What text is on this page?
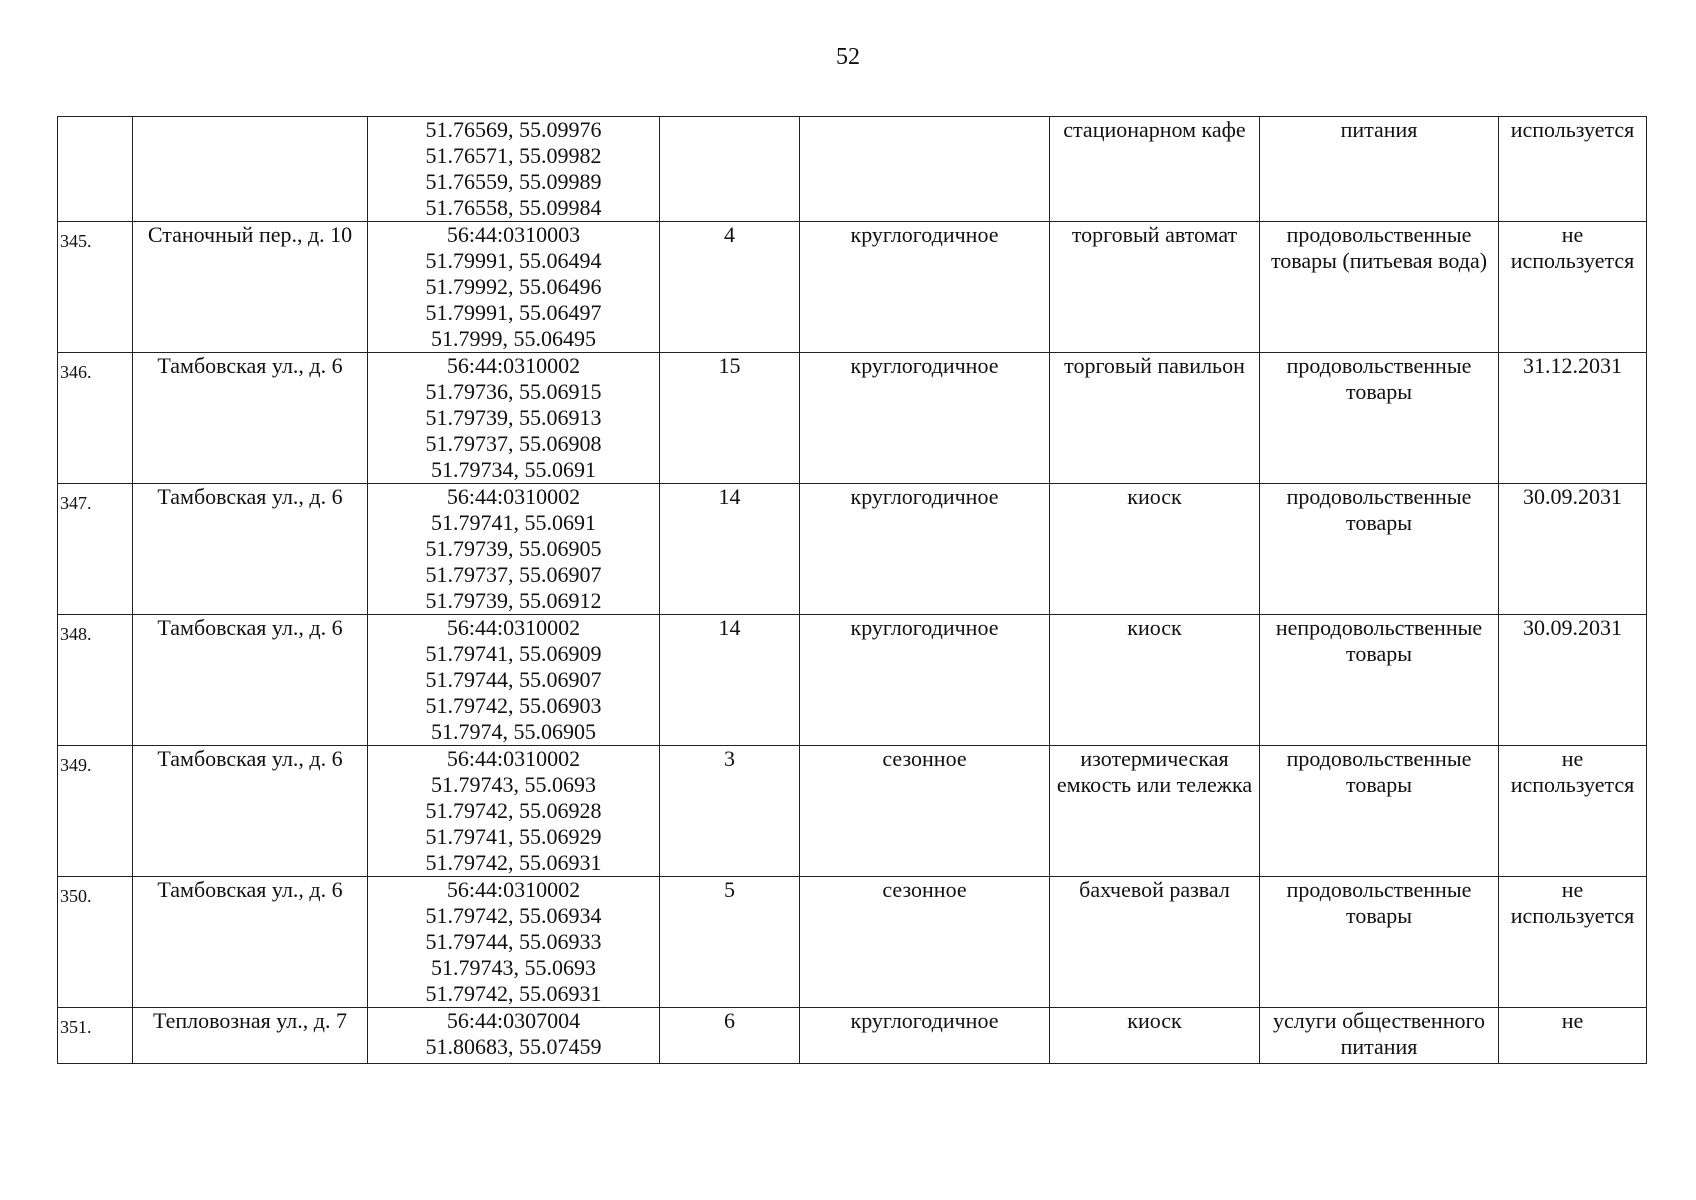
52

		51.76569, 55.09976
51.76571, 55.09982
51.76559, 55.09989
51.76558, 55.09984			стационарном кафе	питания	используется

345.	Станочный пер., д. 10	56:44:0310003
51.79991, 55.06494
51.79992, 55.06496
51.79991, 55.06497
51.7999, 55.06495	4	круглогодичное	торговый автомат	продовольственные товары (питьевая вода)	не используется

346.	Тамбовская ул., д. 6	56:44:0310002
51.79736, 55.06915
51.79739, 55.06913
51.79737, 55.06908
51.79734, 55.0691	15	круглогодичное	торговый павильон	продовольственные товары	31.12.2031

347.	Тамбовская ул., д. 6	56:44:0310002
51.79741, 55.0691
51.79739, 55.06905
51.79737, 55.06907
51.79739, 55.06912	14	круглогодичное	киоск	продовольственные товары	30.09.2031

348.	Тамбовская ул., д. 6	56:44:0310002
51.79741, 55.06909
51.79744, 55.06907
51.79742, 55.06903
51.7974, 55.06905	14	круглогодичное	киоск	непродовольственные товары	30.09.2031

349.	Тамбовская ул., д. 6	56:44:0310002
51.79743, 55.0693
51.79742, 55.06928
51.79741, 55.06929
51.79742, 55.06931	3	сезонное	изотермическая емкость или тележка	продовольственные товары	не используется

350.	Тамбовская ул., д. 6	56:44:0310002
51.79742, 55.06934
51.79744, 55.06933
51.79743, 55.0693
51.79742, 55.06931	5	сезонное	бахчевой развал	продовольственные товары	не используется

351.	Тепловозная ул., д. 7	56:44:0307004
51.80683, 55.07459	6	круглогодичное	киоск	услуги общественного питания	не
